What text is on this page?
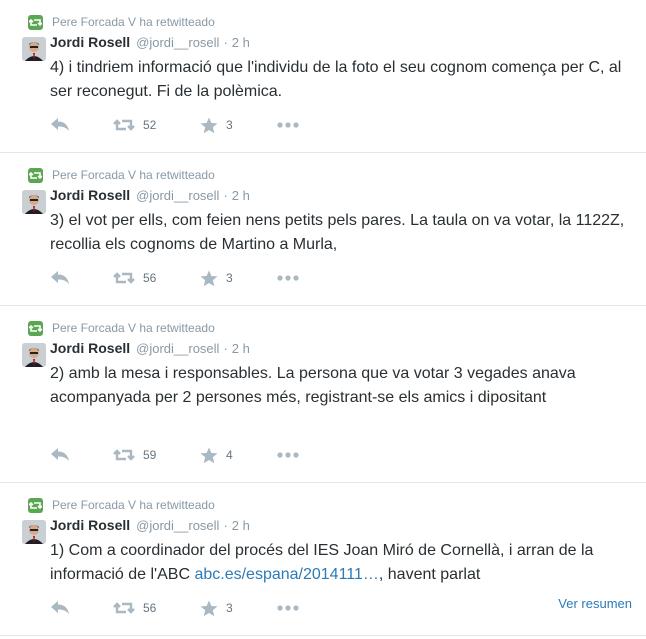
Pere Forcada V ha retwitteado
Jordi Rosell @jordi__rosell · 2 h
4) i tindriem informació que l'individu de la foto el seu cognom comença per C, al ser reconegut. Fi de la polèmica.
52	3
Pere Forcada V ha retwitteado
Jordi Rosell @jordi__rosell · 2 h
3) el vot per ells, com feien nens petits pels pares. La taula on va votar, la 1122Z, recollia els cognoms de Martino a Murla,
56	3
Pere Forcada V ha retwitteado
Jordi Rosell @jordi__rosell · 2 h
2) amb la mesa i responsables. La persona que va votar 3 vegades anava acompanyada per 2 persones més, registrant-se els amics i dipositant
59	4
Pere Forcada V ha retwitteado
Jordi Rosell @jordi__rosell · 2 h
1) Com a coordinador del procés del IES Joan Miró de Cornellà, i arran de la informació de l'ABC abc.es/espana/2014111…, havent parlat
56	3	Ver resumen
